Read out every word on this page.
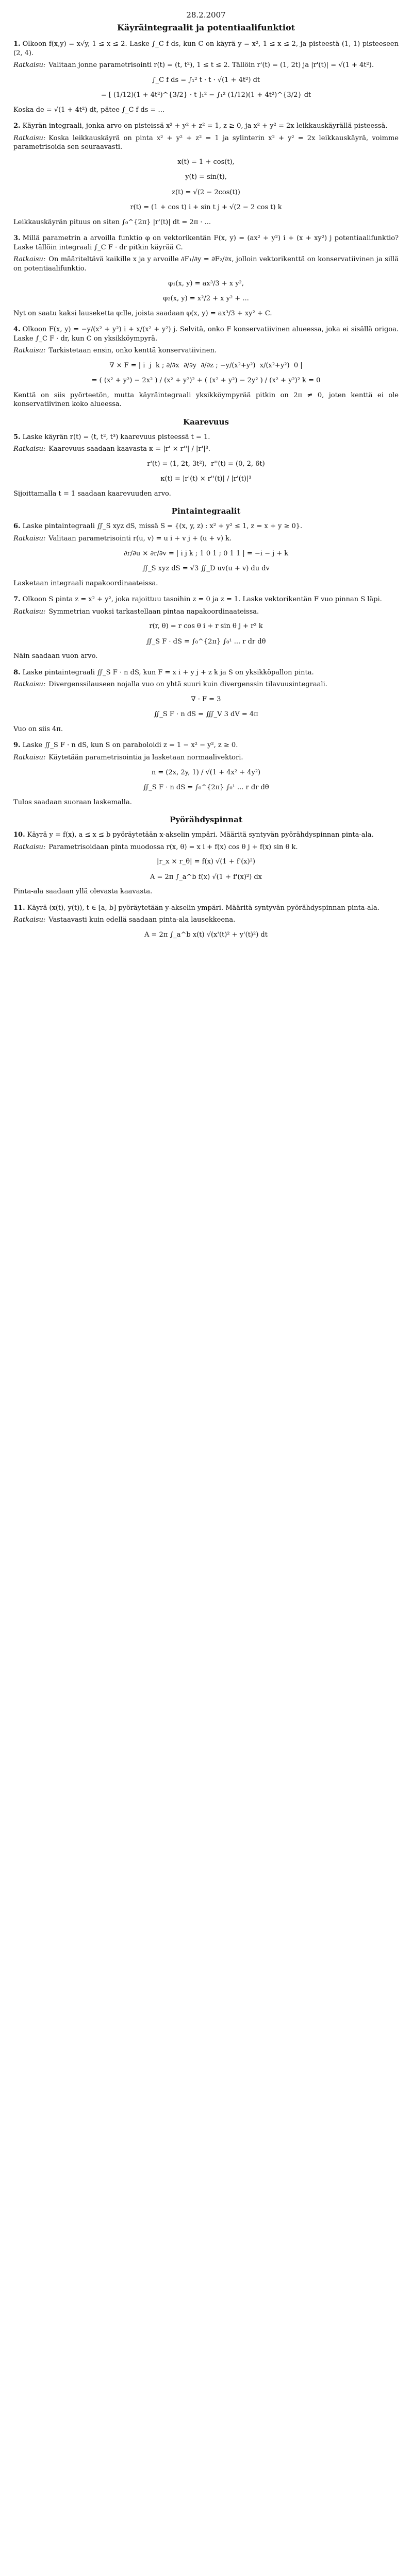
28.2.2007
Käyräintegraalit ja potentiaalifunktiot
1. Olkoon f(x,y) = x√y, 1 ≤ x ≤ 2. Laske ∫_C f ds, kun C on käyrä y = x², 1 ≤ x ≤ 2, ja pisteestä (1, 1) pisteeseen (2, 4).
Ratkaisu: Valitaan jonne parametrisointi r(t) = (t, t²), 1 ≤ t ≤ 2. Tällöin r'(t) = (1, 2t) ja |r'(t)| = √(1 + 4t²).
∫_C f ds = ∫₁² t · t · √(1 + 4t²) dt
= [ (1/12)(1 + 4t²)^{3/2} · t ]₁² − ∫₁² (1/12)(1 + 4t²)^{3/2} dt
Koska de = √(1 + 4t²) dt, pätee ∫_C f ds = ...
2. Käyrän integraali, jonka arvo on pisteissä x² + y² + z² = 1, z ≥ 0, ja x² + y² = 2x leikkauskäyrällä pisteessä.
Ratkaisu: Koska leikkauskäyrä on pinta x² + y² + z² = 1 ja sylinterin x² + y² = 2x leikkauskäyrä, voimme parametrisoida sen seuraavasti.
x(t) = 1 + cos(t),
y(t) = sin(t),
z(t) = √(2 − 2cos(t))
r(t) = (1 + cos t) i + sin t j + √(2 − 2 cos t) k
Leikkauskäyrän pituus on siten ∫₀^{2π} |r'(t)| dt = 2π · ...
3. Millä parametrin a arvoilla funktio φ on vektorikentän F(x, y) = (ax² + y²) i + (x + xy²) j potentiaalifunktio? Laske tällöin integraali ∫_C F · dr pitkin käyrää C.
Ratkaisu: On määriteltävä kaikille x ja y arvoille ∂F₁/∂y = ∂F₂/∂x, jolloin vektorikenttä on konservatiivinen ja sillä on potentiaalifunktio.
φ₁(x, y) = ax³/3 + x y²,
φ₂(x, y) = x²/2 + x y² + ...
Nyt on saatu kaksi lauseketta φ:lle, joista saadaan φ(x, y) = ax³/3 + xy² + C.
4. Olkoon F(x, y) = −y/(x² + y²) i + x/(x² + y²) j. Selvitä, onko F konservatiivinen alueessa, joka ei sisällä origoa. Laske ∫_C F · dr, kun C on yksikköympyrä.
Ratkaisu: Tarkistetaan ensin, onko kenttä konservatiivinen.
∇ × F = | i  j  k ; ∂/∂x  ∂/∂y  ∂/∂z ; −y/(x²+y²)  x/(x²+y²)  0 |
= ( (x² + y²) − 2x² ) / (x² + y²)² + ( (x² + y²) − 2y² ) / (x² + y²)² k = 0
Kenttä on siis pyörteetön, mutta käyräintegraali yksikköympyrää pitkin on 2π ≠ 0, joten kenttä ei ole konservatiivinen koko alueessa.
Kaarevuus
5. Laske käyrän r(t) = (t, t², t³) kaarevuus pisteessä t = 1.
Ratkaisu: Kaarevuus saadaan kaavasta κ = |r' × r''| / |r'|³.
r'(t) = (1, 2t, 3t²),  r''(t) = (0, 2, 6t)
κ(t) = |r'(t) × r''(t)| / |r'(t)|³
Sijoittamalla t = 1 saadaan kaarevuuden arvo.
Pintaintegraalit
6. Laske pintaintegraali ∬_S xyz dS, missä S = {(x, y, z) : x² + y² ≤ 1, z = x + y ≥ 0}.
Ratkaisu: Valitaan parametrisointi r(u, v) = u i + v j + (u + v) k.
∂r/∂u × ∂r/∂v = | i j k ; 1 0 1 ; 0 1 1 | = −i − j + k
∬_S xyz dS = √3 ∬_D uv(u + v) du dv
Lasketaan integraali napakoordinaateissa.
7. Olkoon S pinta z = x² + y², joka rajoittuu tasoihin z = 0 ja z = 1. Laske vektorikentän F vuo pinnan S läpi.
Ratkaisu: Symmetrian vuoksi tarkastellaan pintaa napakoordinaateissa.
r(r, θ) = r cos θ i + r sin θ j + r² k
∬_S F · dS = ∫₀^{2π} ∫₀¹ ... r dr dθ
Näin saadaan vuon arvo.
8. Laske pintaintegraali ∬_S F · n dS, kun F = x i + y j + z k ja S on yksikköpallon pinta.
Ratkaisu: Divergenssilauseen nojalla vuo on yhtä suuri kuin divergenssin tilavuusintegraali.
∇ · F = 3
∬_S F · n dS = ∭_V 3 dV = 4π
Vuo on siis 4π.
9. Laske ∬_S F · n dS, kun S on paraboloidi z = 1 − x² − y², z ≥ 0.
Ratkaisu: Käytetään parametrisointia ja lasketaan normaalivektori.
n = (2x, 2y, 1) / √(1 + 4x² + 4y²)
∬_S F · n dS = ∫₀^{2π} ∫₀¹ ... r dr dθ
Tulos saadaan suoraan laskemalla.
Pyörähdyspinnat
10. Käyrä y = f(x), a ≤ x ≤ b pyöräytetään x-akselin ympäri. Määritä syntyvän pyörähdyspinnan pinta-ala.
Ratkaisu: Parametrisoidaan pinta muodossa r(x, θ) = x i + f(x) cos θ j + f(x) sin θ k.
|r_x × r_θ| = f(x) √(1 + f'(x)²)
A = 2π ∫_a^b f(x) √(1 + f'(x)²) dx
Pinta-ala saadaan yllä olevasta kaavasta.
11. Käyrä (x(t), y(t)), t ∈ [a, b] pyöräytetään y-akselin ympäri. Määritä syntyvän pyörähdyspinnan pinta-ala.
Ratkaisu: Vastaavasti kuin edellä saadaan pinta-ala lausekkeena.
A = 2π ∫_a^b x(t) √(x'(t)² + y'(t)²) dt
